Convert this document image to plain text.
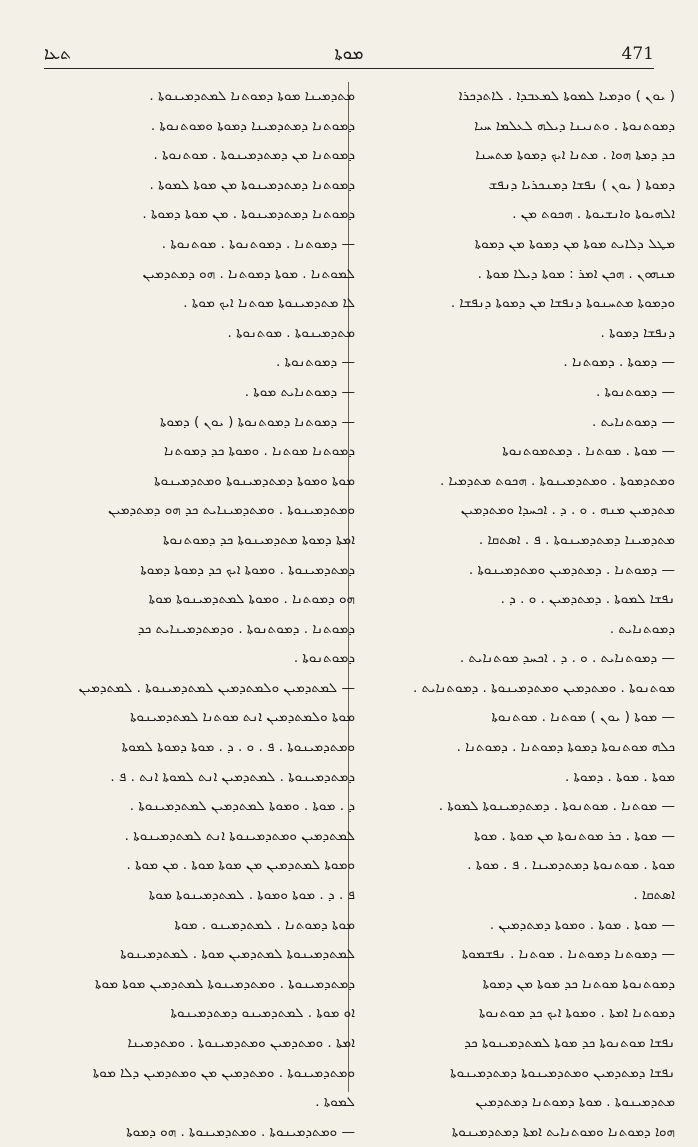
ܬܥܐ	ܡܘܬܐ	471
( ܝܘܢ ) ܘܕܡܝܐ ܠܡܘܬܐ ܠܡܥܒܕܐ . ܠܐܬܕܟܪܐ
ܕܡܘܬܢܘܬܐ . ܘܬܢܝܢܐ ܕܝܠܗ ܠܥܠܡܐ ܚܝܐ
ܟܕ ܕܡܬܐ ܗܘܐ . ܡܬܢܐ ܐܝܟ ܕܡܘܬܐ ܡܬܚܢܐ
ܕܡܘܬܐ ( ܝܘܢ ) ܢܦܫܐ ܕܡܢܟܪܝܐ ܕܢܦܫ
ܐܠܗܝܘܬܐ ܘܐܢܫܝܘܬܐ . ܗܟܘܬ ܡܢ .
ܡܛܠ ܕܠܐܝܬ ܡܘܬܐ ܡܢ ܕܡܘܬܐ ܡܢ ܕܡܘܬܐ
ܡܢܗܘܢ . ܗܟܢ ܐܡܪ : ܡܘܬܐ ܕܝܠܐ ܡܘܬܐ .
ܘܕܡܘܬܐ ܡܬܚܢܘܬܐ ܕܢܦܫܐ ܡܢ ܕܡܘܬܐ ܕܢܦܫܐ .
ܕܢܦܫܐ ܕܡܘܬܐ .
— ܕܡܘܬܐ . ܕܡܘܬܢܐ .
— ܕܡܘܬܢܘܬܐ .
— ܕܡܘܬܢܐܝܬ .
— ܡܘܬܐ . ܡܘܬܢܐ . ܕܡܬܡܘܬܢܘܬܐ
ܘܡܬܕܡܘܬܐ . ܘܡܬܕܡܝܢܘܬܐ . ܗܟܘܬ ܡܬܕܡܝܐ .
ܡܬܕܡܝܢ ܡܢܗ . ܘ . ܕ . ܐܟܚܕܐ ܘܡܬܕܡܝܢ
ܡܬܕܡܝܢܐ ܕܡܬܕܡܝܢܘܬܐ . ܦ . ܐܣܬܩܐ .
— ܕܡܘܬܢܐ . ܕܡܬܕܡܝܢ ܘܡܬܕܡܝܢܘܬܐ .
ܢܦܫܐ ܠܡܘܬܐ . ܕܡܬܕܡܝܢ . ܘ . ܕ .
ܕܡܘܬܢܐܝܬ .
— ܕܡܘܬܢܐܝܬ . ܘ . ܕ . ܐܟܚܕ ܡܘܬܢܐܝܬ .
ܡܘܬܢܘܬܐ . ܘܡܬܕܡܝܢ ܘܡܬܕܡܝܢܘܬܐ . ܕܡܘܬܢܐܝܬ .
— ܡܘܬܐ ( ܝܘܢ ) ܡܘܬܢܐ . ܡܘܬܢܘܬܐ
ܟܠܗ ܡܘܬܢܘܬܐ ܕܡܘܬܐ ܕܡܘܬܢܐ . ܕܡܘܬܢܐ .
ܡܘܬܐ . ܡܘܬܐ . ܕܡܘܬܐ .
— ܡܘܬܢܐ . ܡܘܬܢܘܬܐ . ܕܡܬܕܡܝܢܘܬܐ ܠܡܘܬܐ .
— ܡܘܬܐ . ܟܪ ܡܘܬܢܘܬܐ ܡܢ ܡܘܬܐ . ܡܘܬܐ
ܡܘܬܐ . ܡܘܬܢܘܬܐ ܕܡܬܕܡܝܢܐ . ܦ . ܡܘܬܐ .
ܐܣܬܩܐ .
— ܡܘܬܐ . ܡܘܬܐ . ܘܡܘܬܐ ܕܡܬܕܡܝܢ .
— ܕܡܘܬܢܐ ܕܡܘܬܢܐ . ܡܘܬܢܐ . ܢܦܫܡܘܬܐ
ܕܡܘܬܢܘܬܐ ܡܘܬܢܐ ܟܕ ܡܘܬܐ ܡܢ ܕܡܘܬܐ
ܕܡܘܬܢܐ ܐܡܬܐ . ܘܡܘܬܐ ܐܝܟ ܟܕ ܡܘܬܢܘܬܐ
ܢܦܫܐ ܡܘܬܢܘܬܐ ܟܕ ܡܘܬܐ ܠܡܬܕܡܝܢܘܬܐ ܟܕ
ܢܦܫܐ ܕܡܬܕܡܝܢ ܘܡܬܕܡܝܢܘܬܐ ܕܡܬܕܡܝܢܘܬܐ
ܡܬܕܡܝܢܘܬܐ . ܡܘܬܐ ܕܡܘܬܢܐ ܕܡܬܕܡܝܢ
ܗܘܐ ܕܡܘܬܢܐ ܘܡܘܬܢܐܝܬ ܐܡܬܐ ܕܡܬܕܡܝܢܘܬܐ
ܡܬܕܡܝܢܐ ܡܘܬܐ ܕܡܘܬܢܐ ܠܡܬܕܡܝܢܘܬܐ .
ܕܡܘܬܢܐ ܕܡܬܕܡܝܢܐ ܕܡܘܬܐ ܘܡܘܬܢܘܬܐ .
ܕܡܘܬܢܐ ܡܢ ܕܡܬܕܡܝܢܘܬܐ . ܡܘܬܢܘܬܐ .
ܕܡܘܬܢܐ ܕܡܬܕܡܝܢܘܬܐ ܡܢ ܡܘܬܐ ܠܡܘܬܐ .
ܕܡܘܬܢܐ ܕܡܬܕܡܝܢܘܬܐ . ܡܢ ܡܘܬܐ ܕܡܘܬܐ .
— ܕܡܘܬܢܐ . ܕܡܘܬܢܘܬܐ . ܡܘܬܢܘܬܐ .
ܠܡܘܬܢܐ . ܡܘܬܐ ܕܡܘܬܢܐ . ܗܘ ܕܡܬܕܡܝܢ
ܠܐ ܡܬܕܡܝܢܘܬܐ ܡܘܬܢܐ ܐܝܟ ܡܘܬܐ .
ܡܬܕܡܝܢܘܬܐ . ܡܘܬܢܘܬܐ .
— ܕܡܘܬܢܘܬܐ .
— ܕܡܘܬܢܐܝܬ ܡܘܬܐ .
— ܕܡܘܬܢܐ ܕܡܘܬܢܘܬܐ ( ܝܘܢ ) ܕܡܘܬܐ
ܕܡܘܬܢܐ ܡܘܬܢܐ . ܘܡܘܬܐ ܟܕ ܕܡܘܬܢܐ
ܡܘܬܐ ܘܡܘܬܐ ܕܡܬܕܡܝܢܘܬܐ ܘܡܬܕܡܝܢܘܬܐ
ܘܡܬܕܡܝܢܘܬܐ . ܘܡܬܕܡܝܢܐܝܬ ܟܕ ܗܘ ܕܡܬܕܡܝܢ
ܐܡܬܐ ܕܡܘܬܐ ܡܬܕܡܝܢܘܬܐ ܟܕ ܕܡܘܬܢܘܬܐ
ܕܡܬܕܡܝܢܘܬܐ . ܘܡܘܬܐ ܐܝܟ ܟܕ ܕܡܘܬܐ ܕܡܘܬܐ
ܗܘ ܕܡܘܬܢܐ . ܘܡܘܬܐ ܠܡܬܕܡܝܢܘܬܐ ܡܘܬܐ
ܕܡܘܬܢܐ . ܕܡܘܬܢܘܬܐ . ܘܕܡܬܕܡܝܢܐܝܬ ܟܕ
ܕܡܘܬܢܘܬܐ .
— ܠܡܬܕܡܝܢ ܘܠܡܬܕܡܝܢ ܠܡܬܕܡܝܢܘܬܐ . ܠܡܬܕܡܝܢ
ܡܘܬܐ ܘܠܡܬܕܡܝܢ ܐܢܬ ܡܘܬܢܐ ܠܡܬܕܡܝܢܘܬܐ
ܘܡܬܕܡܝܢܘܬܐ . ܦ . ܘ . ܕ . ܡܘܬܐ ܕܡܘܬܐ ܠܡܘܬܐ
ܕܡܬܕܡܝܢܘܬܐ . ܠܡܬܕܡܝܢ ܐܢܬ ܠܡܘܬܐ ܐܢܬ . ܦ .
ܕ . ܡܘܬܐ . ܘܡܘܬܐ ܠܡܬܕܡܝܢ ܠܡܬܕܡܝܢܘܬܐ .
ܠܡܬܕܡܝܢ ܘܡܬܕܡܝܢܘܬܐ ܐܢܬ ܠܡܬܕܡܝܢܘܬܐ .
ܘܡܘܬܐ ܠܡܬܕܡܝܢ ܡܢ ܡܘܬܐ ܡܘܬܐ . ܡܢ ܡܘܬܐ .
ܦ . ܕ . ܡܘܬܐ ܘܡܘܬܐ . ܠܡܬܕܡܝܢܘܬܐ ܡܘܬܐ
ܡܘܬܐ ܕܡܘܬܢܐ . ܠܡܬܕܡܝܢܘ . ܡܘܬܐ
ܠܡܬܕܡܝܢܘܬܐ ܠܡܬܕܡܝܢ ܡܘܬܐ . ܠܡܬܕܡܝܢܘܬܐ
ܕܡܬܕܡܝܢܘܬܐ . ܘܡܬܕܡܝܢܘܬܐ ܠܡܬܕܡܝܢ ܡܘܬܐ ܡܘܬܐ
ܐܘ ܡܘܬܐ . ܠܡܬܕܡܝܢܘ ܕܡܬܕܡܝܢܘܬܐ
ܐܡܬܐ . ܘܡܬܕܡܝܢ ܘܡܬܕܡܝܢܘܬܐ . ܘܡܬܕܡܝܢܐ
ܘܡܬܕܡܝܢܘܬܐ . ܘܡܬܕܡܝܢ ܡܢ ܘܡܬܕܡܝܢ ܕܠܐ ܡܘܬܐ
ܠܡܘܬܐ .
— ܘܡܬܕܡܝܢܘܬܐ . ܘܡܬܕܡܝܢܘܬܐ . ܗܘ ܕܡܘܬܐ
